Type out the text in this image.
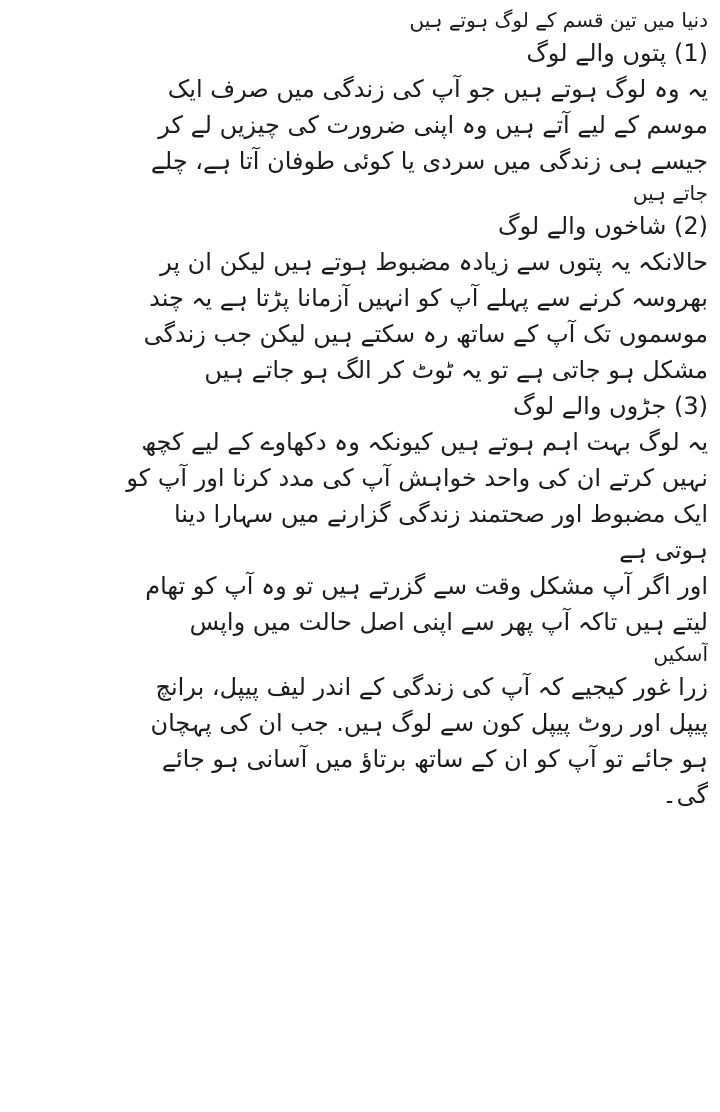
دنیا میں تین قسم کے لوگ ہوتے ہیں
(1) پتوں والے لوگ
یہ وہ لوگ ہوتے ہیں جو آپ کی زندگی میں صرف ایک
موسم کے لیے آتے ہیں وہ اپنی ضرورت کی چیزیں لے کر
جیسے ہی زندگی میں سردی یا کوئی طوفان آتا ہے، چلے
جاتے ہیں
(2) شاخوں والے لوگ
حالانکہ یہ پتوں سے زیادہ مضبوط ہوتے ہیں لیکن ان پر
بھروسہ کرنے سے پہلے آپ کو انہیں آزمانا پڑتا ہے یہ چند
موسموں تک آپ کے ساتھ رہ سکتے ہیں لیکن جب زندگی
مشکل ہو جاتی ہے تو یہ ٹوٹ کر الگ ہو جاتے ہیں
(3) جڑوں والے لوگ
یہ لوگ بہت اہم ہوتے ہیں کیونکہ وہ دکھاوے کے لیے کچھ
نہیں کرتے ان کی واحد خواہش آپ کی مدد کرنا اور آپ کو
ایک مضبوط اور صحتمند زندگی گزارنے میں سہارا دینا
ہوتی ہے
اور اگر آپ مشکل وقت سے گزرتے ہیں تو وہ آپ کو تھام
لیتے ہیں تاکہ آپ پھر سے اپنی اصل حالت میں واپس
آسکیں
زرا غور کیجیے کہ آپ کی زندگی کے اندر لیف پیپل، برانچ
پیپل اور روٹ پیپل کون سے لوگ ہیں. جب ان کی پہچان
ہو جائے تو آپ کو ان کے ساتھ برتاؤ میں آسانی ہو جائے
گی۔
